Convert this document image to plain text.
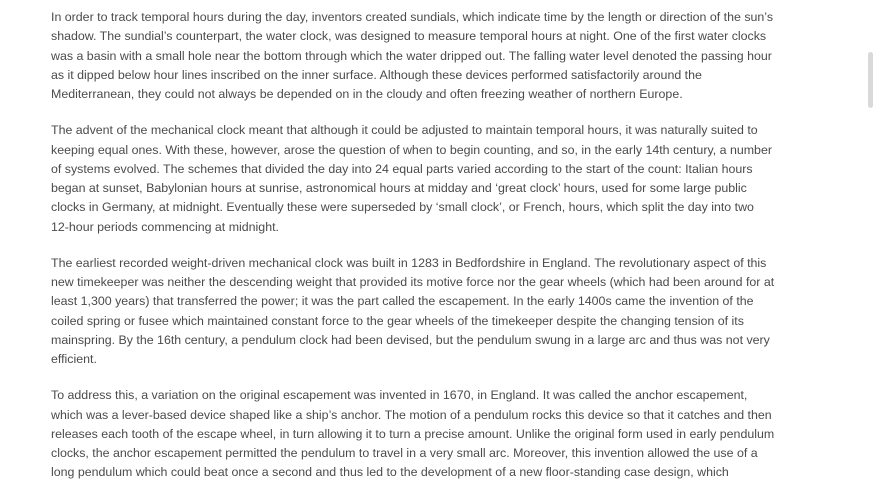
In order to track temporal hours during the day, inventors created sundials, which indicate time by the length or direction of the sun’s
shadow. The sundial’s counterpart, the water clock, was designed to measure temporal hours at night. One of the first water clocks
was a basin with a small hole near the bottom through which the water dripped out. The falling water level denoted the passing hour
as it dipped below hour lines inscribed on the inner surface. Although these devices performed satisfactorily around the
Mediterranean, they could not always be depended on in the cloudy and often freezing weather of northern Europe.

The advent of the mechanical clock meant that although it could be adjusted to maintain temporal hours, it was naturally suited to
keeping equal ones. With these, however, arose the question of when to begin counting, and so, in the early 14th century, a number
of systems evolved. The schemes that divided the day into 24 equal parts varied according to the start of the count: Italian hours
began at sunset, Babylonian hours at sunrise, astronomical hours at midday and ‘great clock’ hours, used for some large public
clocks in Germany, at midnight. Eventually these were superseded by ‘small clock’, or French, hours, which split the day into two
12-hour periods commencing at midnight.

The earliest recorded weight-driven mechanical clock was built in 1283 in Bedfordshire in England. The revolutionary aspect of this
new timekeeper was neither the descending weight that provided its motive force nor the gear wheels (which had been around for at
least 1,300 years) that transferred the power; it was the part called the escapement. In the early 1400s came the invention of the
coiled spring or fusee which maintained constant force to the gear wheels of the timekeeper despite the changing tension of its
mainspring. By the 16th century, a pendulum clock had been devised, but the pendulum swung in a large arc and thus was not very
efficient.

To address this, a variation on the original escapement was invented in 1670, in England. It was called the anchor escapement,
which was a lever-based device shaped like a ship’s anchor. The motion of a pendulum rocks this device so that it catches and then
releases each tooth of the escape wheel, in turn allowing it to turn a precise amount. Unlike the original form used in early pendulum
clocks, the anchor escapement permitted the pendulum to travel in a very small arc. Moreover, this invention allowed the use of a
long pendulum which could beat once a second and thus led to the development of a new floor-standing case design, which
